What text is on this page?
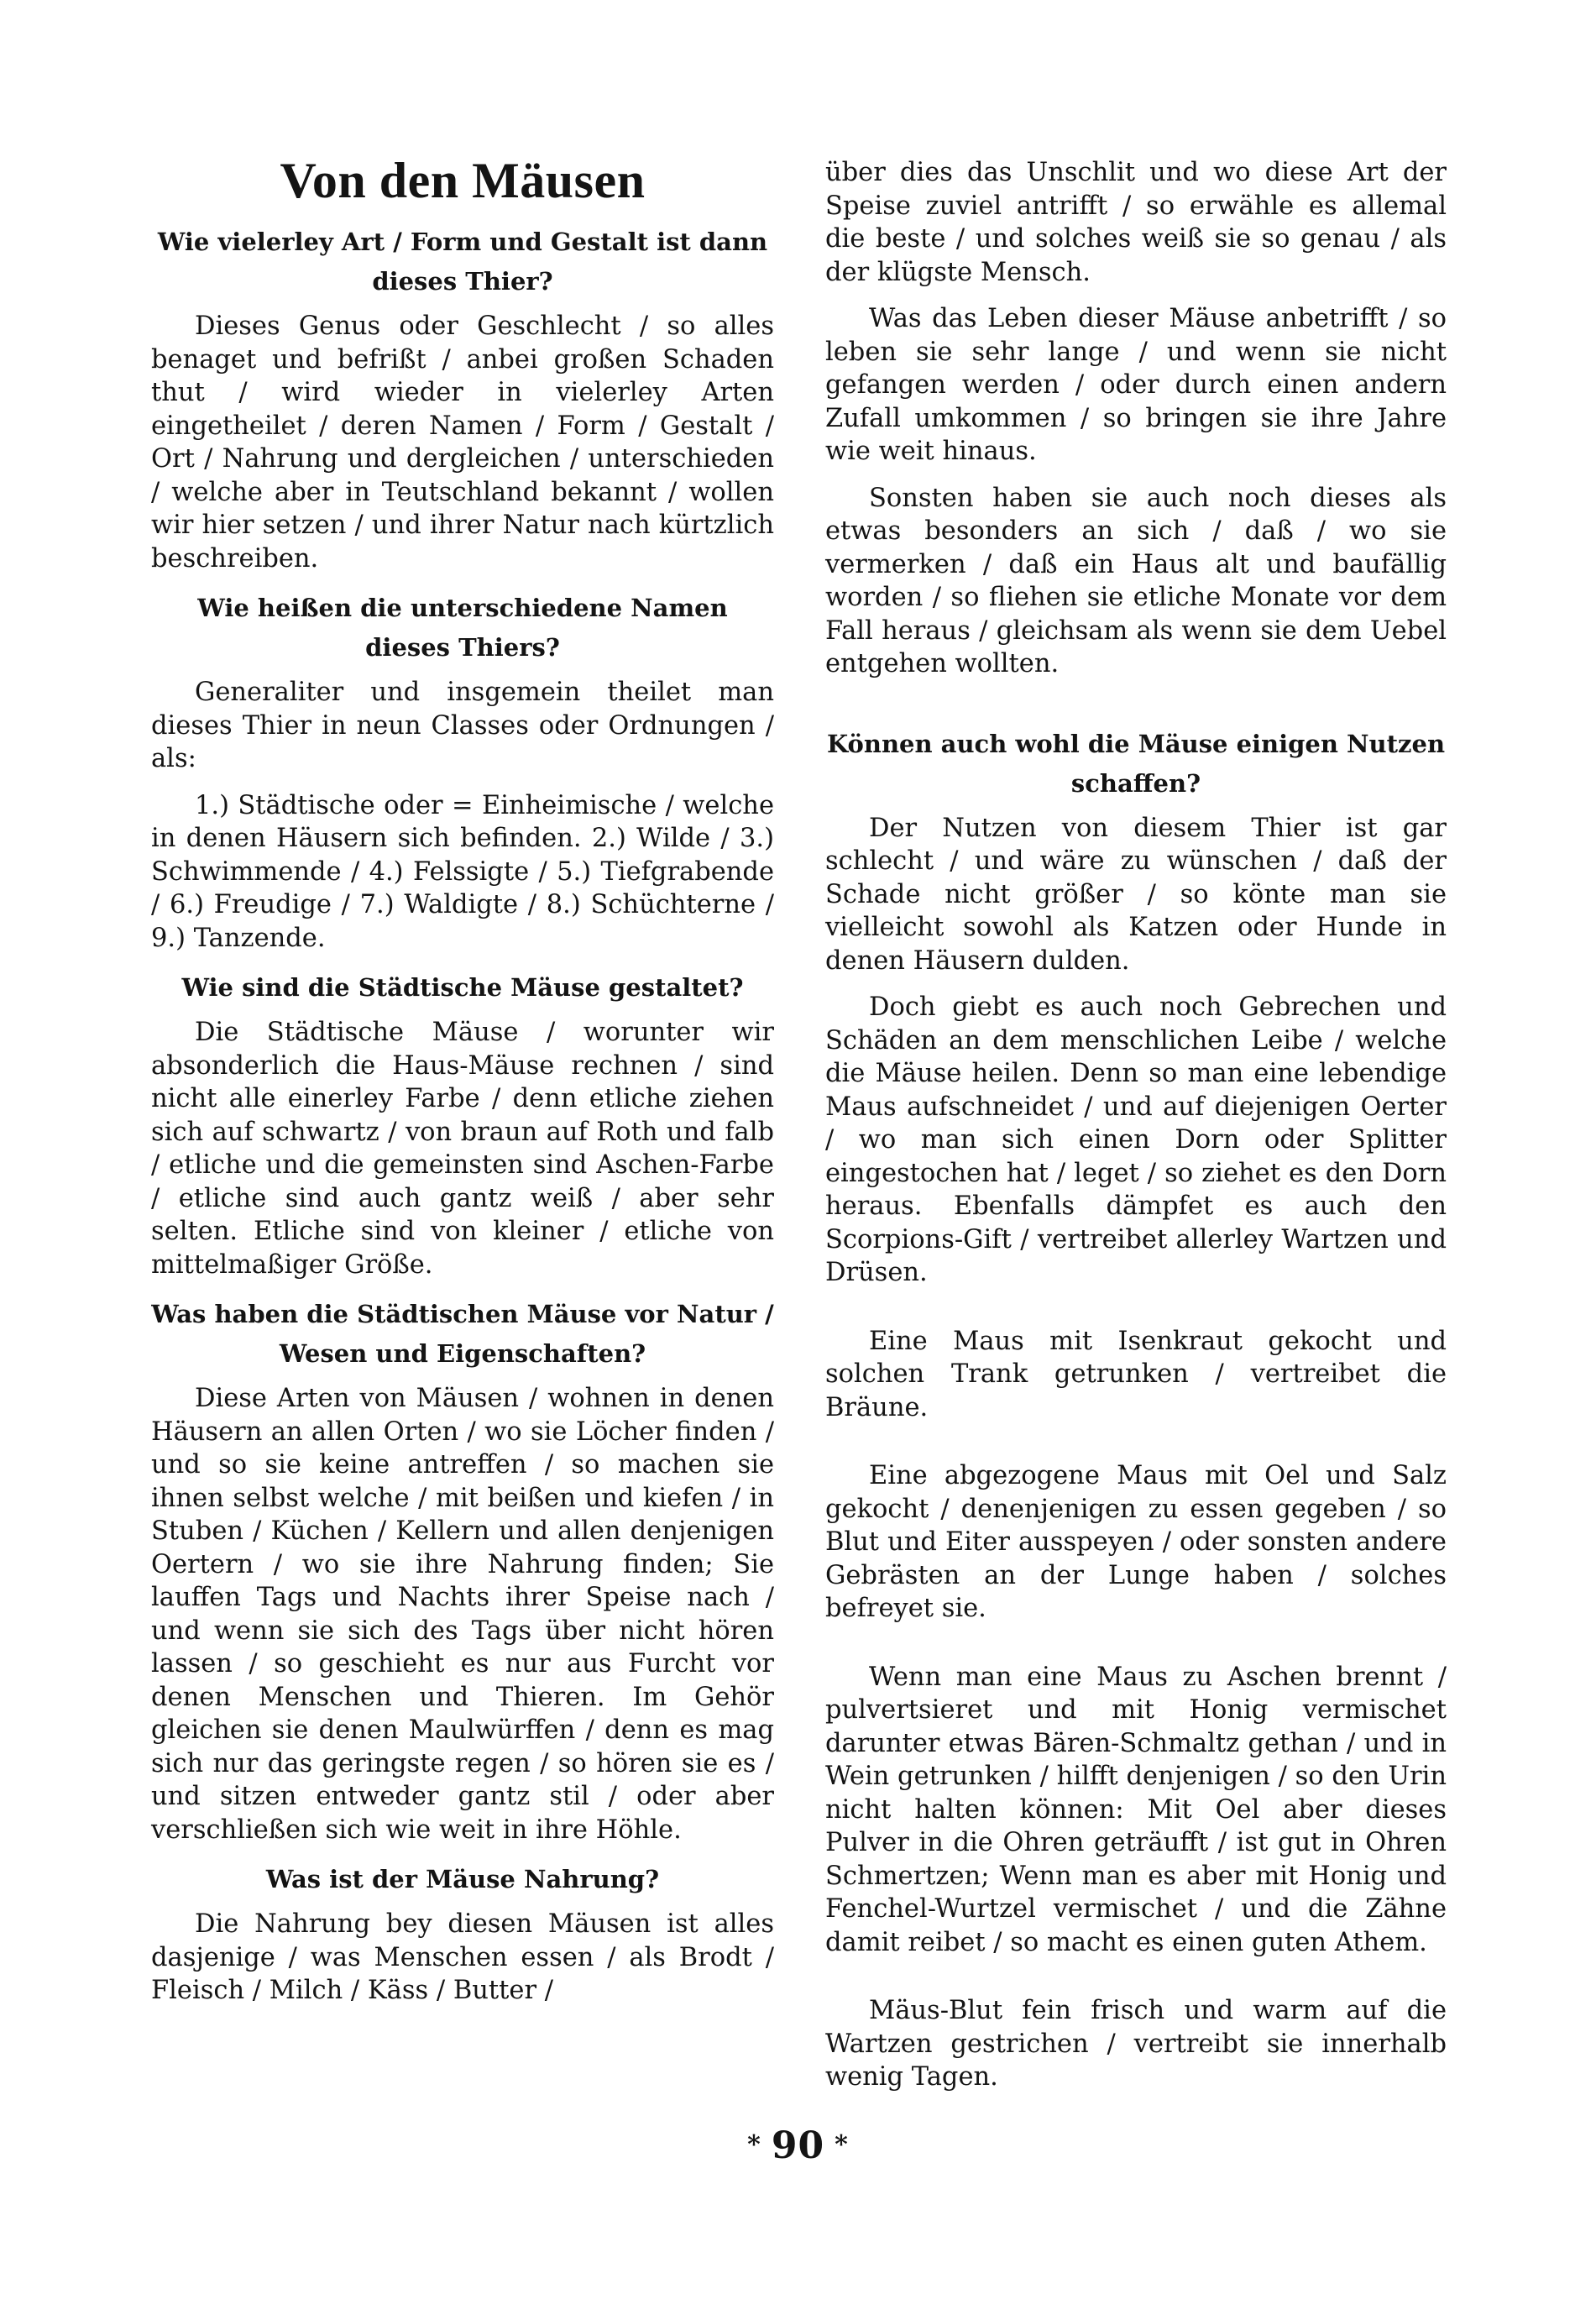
Von den Mäusen
Wie vielerley Art / Form und Gestalt ist dann dieses Thier?
Dieses Genus oder Geschlecht / so alles benaget und befrißt / anbei großen Schaden thut / wird wieder in vielerley Arten eingetheilet / deren Namen / Form / Gestalt / Ort / Nahrung und dergleichen / unterschieden / welche aber in Teutschland bekannt / wollen wir hier setzen / und ihrer Natur nach kürtzlich beschreiben.
Wie heißen die unterschiedene Namen dieses Thiers?
Generaliter und insgemein theilet man dieses Thier in neun Classes oder Ordnungen / als:
1.) Städtische oder = Einheimische / welche in denen Häusern sich befinden. 2.) Wilde / 3.) Schwimmende / 4.) Felssigte / 5.) Tiefgrabende / 6.) Freudige / 7.) Waldigte / 8.) Schüchterne / 9.) Tanzende.
Wie sind die Städtische Mäuse gestaltet?
Die Städtische Mäuse / worunter wir absonderlich die Haus-Mäuse rechnen / sind nicht alle einerley Farbe / denn etliche ziehen sich auf schwartz / von braun auf Roth und falb / etliche und die gemeinsten sind Aschen-Farbe / etliche sind auch gantz weiß / aber sehr selten. Etliche sind von kleiner / etliche von mittelmaßiger Größe.
Was haben die Städtischen Mäuse vor Natur / Wesen und Eigenschaften?
Diese Arten von Mäusen / wohnen in denen Häusern an allen Orten / wo sie Löcher finden / und so sie keine antreffen / so machen sie ihnen selbst welche / mit beißen und kiefen / in Stuben / Küchen / Kellern und allen denjenigen Oertern / wo sie ihre Nahrung finden; Sie lauffen Tags und Nachts ihrer Speise nach / und wenn sie sich des Tags über nicht hören lassen / so geschieht es nur aus Furcht vor denen Menschen und Thieren. Im Gehör gleichen sie denen Maulwürffen / denn es mag sich nur das geringste regen / so hören sie es / und sitzen entweder gantz stil / oder aber verschließen sich wie weit in ihre Höhle.
Was ist der Mäuse Nahrung?
Die Nahrung bey diesen Mäusen ist alles dasjenige / was Menschen essen / als Brodt / Fleisch / Milch / Käss / Butter /
über dies das Unschlit und wo diese Art der Speise zuviel antrifft / so erwähle es allemal die beste / und solches weiß sie so genau / als der klügste Mensch.
Was das Leben dieser Mäuse anbetrifft / so leben sie sehr lange / und wenn sie nicht gefangen werden / oder durch einen andern Zufall umkommen / so bringen sie ihre Jahre wie weit hinaus.
Sonsten haben sie auch noch dieses als etwas besonders an sich / daß / wo sie vermerken / daß ein Haus alt und baufällig worden / so fliehen sie etliche Monate vor dem Fall heraus / gleichsam als wenn sie dem Uebel entgehen wollten.
Können auch wohl die Mäuse einigen Nutzen schaffen?
Der Nutzen von diesem Thier ist gar schlecht / und wäre zu wünschen / daß der Schade nicht größer / so könte man sie vielleicht sowohl als Katzen oder Hunde in denen Häusern dulden.
Doch giebt es auch noch Gebrechen und Schäden an dem menschlichen Leibe / welche die Mäuse heilen. Denn so man eine lebendige Maus aufschneidet / und auf diejenigen Oerter / wo man sich einen Dorn oder Splitter eingestochen hat / leget / so ziehet es den Dorn heraus. Ebenfalls dämpfet es auch den Scorpions-Gift / vertreibet allerley Wartzen und Drüsen.
Eine Maus mit Isenkraut gekocht und solchen Trank getrunken / vertreibet die Bräune.
Eine abgezogene Maus mit Oel und Salz gekocht / denenjenigen zu essen gegeben / so Blut und Eiter ausspeyen / oder sonsten andere Gebrästen an der Lunge haben / solches befreyet sie.
Wenn man eine Maus zu Aschen brennt / pulvertsieret und mit Honig vermischet darunter etwas Bären-Schmaltz gethan / und in Wein getrunken / hilfft denjenigen / so den Urin nicht halten können: Mit Oel aber dieses Pulver in die Ohren geträufft / ist gut in Ohren Schmertzen; Wenn man es aber mit Honig und Fenchel-Wurtzel vermischet / und die Zähne damit reibet / so macht es einen guten Athem.
Mäus-Blut fein frisch und warm auf die Wartzen gestrichen / vertreibt sie innerhalb wenig Tagen.
* 90 *
